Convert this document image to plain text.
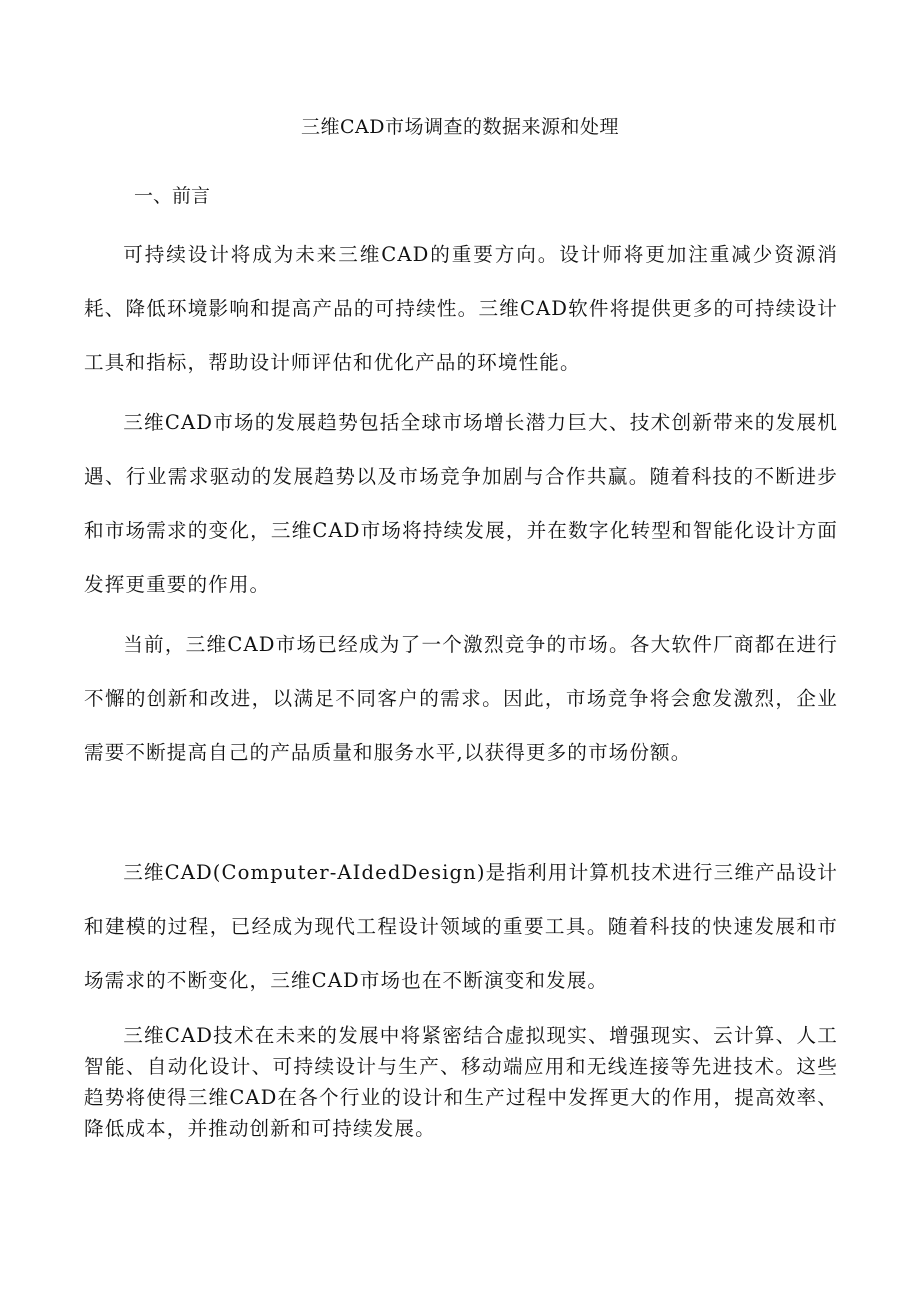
三维CAD市场调查的数据来源和处理
一、前言

可持续设计将成为未来三维CAD的重要方向。设计师将更加注重减少资源消耗、降低环境影响和提高产品的可持续性。三维CAD软件将提供更多的可持续设计工具和指标，帮助设计师评估和优化产品的环境性能。

三维CAD市场的发展趋势包括全球市场增长潜力巨大、技术创新带来的发展机遇、行业需求驱动的发展趋势以及市场竞争加剧与合作共赢。随着科技的不断进步和市场需求的变化，三维CAD市场将持续发展，并在数字化转型和智能化设计方面发挥更重要的作用。

当前，三维CAD市场已经成为了一个激烈竞争的市场。各大软件厂商都在进行不懈的创新和改进，以满足不同客户的需求。因此，市场竞争将会愈发激烈，企业需要不断提高自己的产品质量和服务水平,以获得更多的市场份额。

三维CAD(Computer-AIdedDesign)是指利用计算机技术进行三维产品设计和建模的过程，已经成为现代工程设计领域的重要工具。随着科技的快速发展和市场需求的不断变化，三维CAD市场也在不断演变和发展。

三维CAD技术在未来的发展中将紧密结合虚拟现实、增强现实、云计算、人工智能、自动化设计、可持续设计与生产、移动端应用和无线连接等先进技术。这些趋势将使得三维CAD在各个行业的设计和生产过程中发挥更大的作用，提高效率、降低成本，并推动创新和可持续发展。
